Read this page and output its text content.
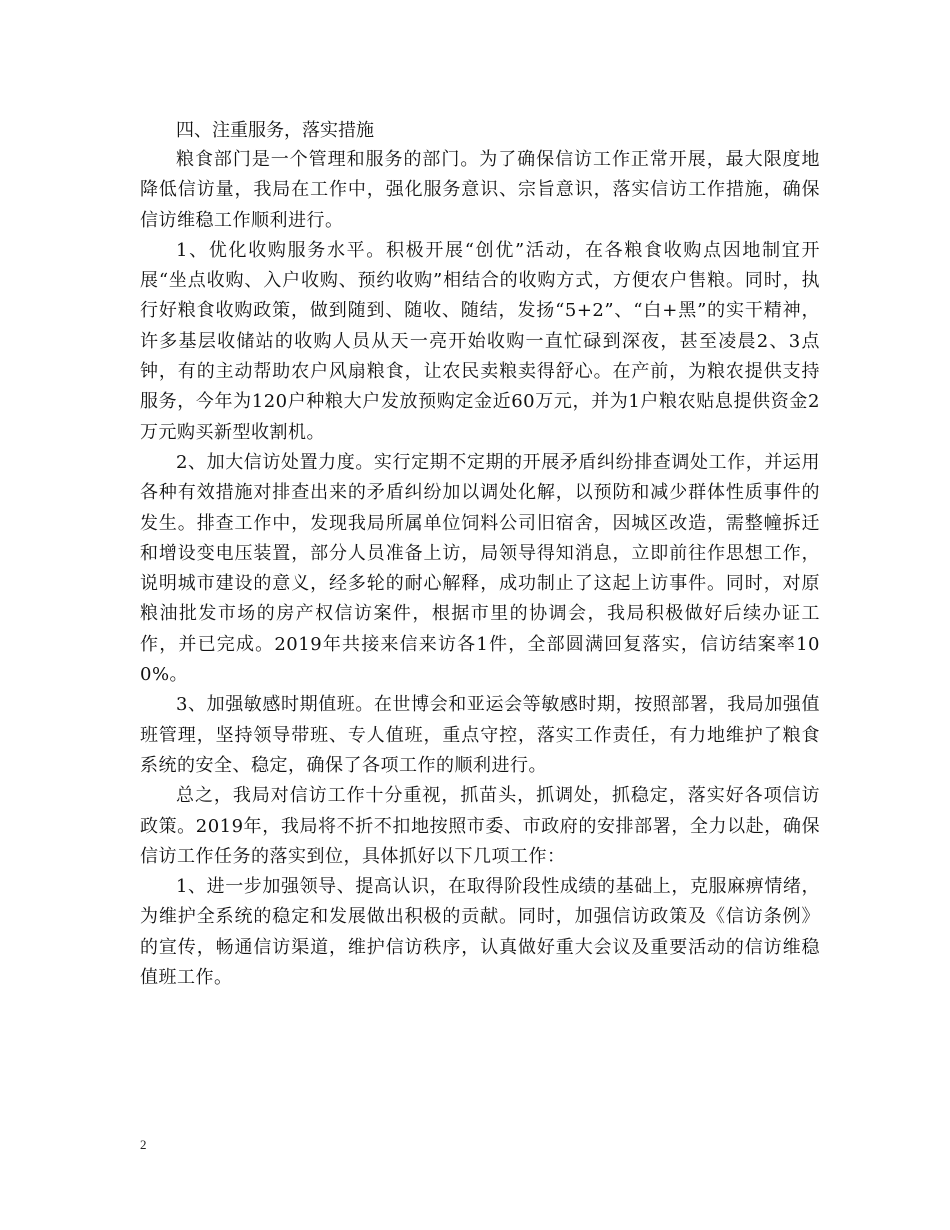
四、注重服务，落实措施

粮食部门是一个管理和服务的部门。为了确保信访工作正常开展，最大限度地降低信访量，我局在工作中，强化服务意识、宗旨意识，落实信访工作措施，确保信访维稳工作顺利进行。

1、优化收购服务水平。积极开展“创优”活动，在各粮食收购点因地制宜开展“坐点收购、入户收购、预约收购”相结合的收购方式，方便农户售粮。同时，执行好粮食收购政策，做到随到、随收、随结，发扬“5+2”、“白+黑”的实干精神，许多基层收储站的收购人员从天一亮开始收购一直忙碌到深夜，甚至凌晨2、3点钟，有的主动帮助农户风扇粮食，让农民卖粮卖得舒心。在产前，为粮农提供支持服务，今年为120户种粮大户发放预购定金近60万元，并为1户粮农贴息提供资金2万元购买新型收割机。

2、加大信访处置力度。实行定期不定期的开展矛盾纠纷排查调处工作，并运用各种有效措施对排查出来的矛盾纠纷加以调处化解，以预防和减少群体性质事件的发生。排查工作中，发现我局所属单位饲料公司旧宿舍，因城区改造，需整幢拆迁和增设变电压装置，部分人员准备上访，局领导得知消息，立即前往作思想工作，说明城市建设的意义，经多轮的耐心解释，成功制止了这起上访事件。同时，对原粮油批发市场的房产权信访案件，根据市里的协调会，我局积极做好后续办证工作，并已完成。2019年共接来信来访各1件，全部圆满回复落实，信访结案率100%。

3、加强敏感时期值班。在世博会和亚运会等敏感时期，按照部署，我局加强值班管理，坚持领导带班、专人值班，重点守控，落实工作责任，有力地维护了粮食系统的安全、稳定，确保了各项工作的顺利进行。

总之，我局对信访工作十分重视，抓苗头，抓调处，抓稳定，落实好各项信访政策。2019年，我局将不折不扣地按照市委、市政府的安排部署，全力以赴，确保信访工作任务的落实到位，具体抓好以下几项工作：

1、进一步加强领导、提高认识，在取得阶段性成绩的基础上，克服麻痹情绪，为维护全系统的稳定和发展做出积极的贡献。同时，加强信访政策及《信访条例》的宣传，畅通信访渠道，维护信访秩序，认真做好重大会议及重要活动的信访维稳值班工作。

2
